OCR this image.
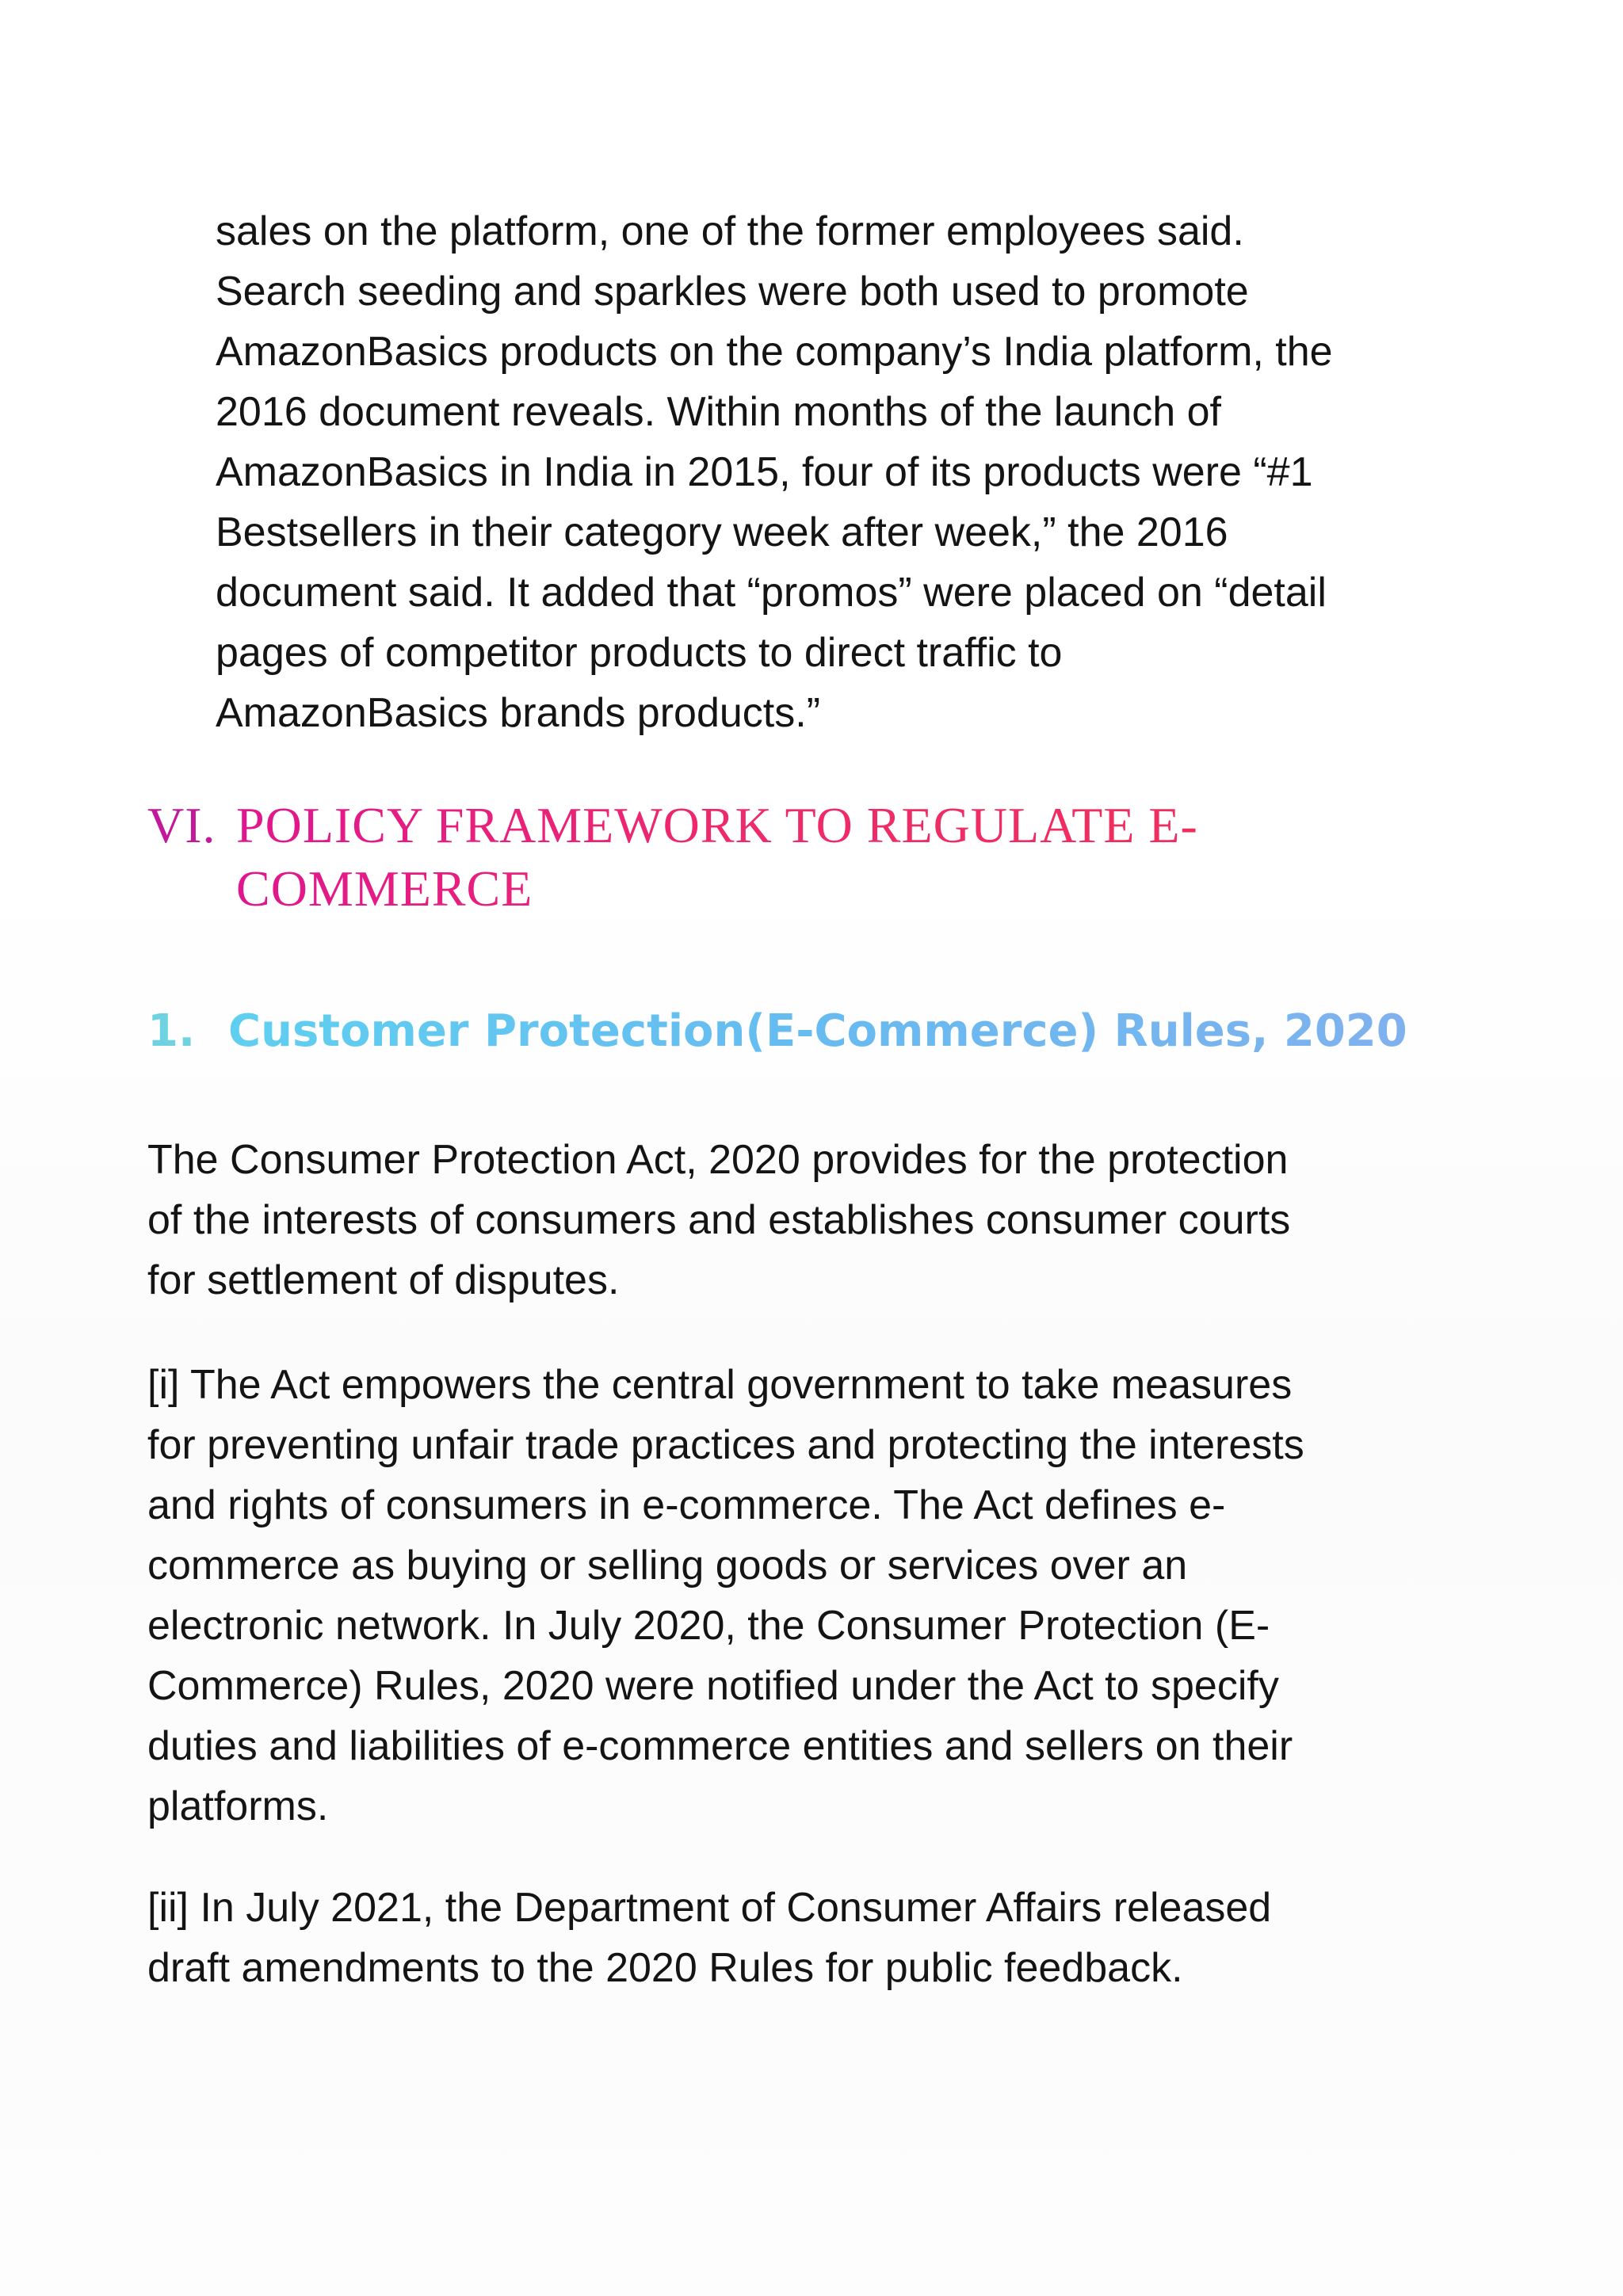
sales on the platform, one of the former employees said.
Search seeding and sparkles were both used to promote
AmazonBasics products on the company’s India platform, the
2016 document reveals. Within months of the launch of
AmazonBasics in India in 2015, four of its products were “#1
Bestsellers in their category week after week,” the 2016
document said. It added that “promos” were placed on “detail
pages of competitor products to direct traffic to
AmazonBasics brands products.”

VI. POLICY FRAMEWORK TO REGULATE E-
COMMERCE
1. Customer Protection(E-Commerce) Rules, 2020

The Consumer Protection Act, 2020 provides for the protection
of the interests of consumers and establishes consumer courts
for settlement of disputes.

[i] The Act empowers the central government to take measures
for preventing unfair trade practices and protecting the interests
and rights of consumers in e-commerce. The Act defines e-
commerce as buying or selling goods or services over an
electronic network. In July 2020, the Consumer Protection (E-
Commerce) Rules, 2020 were notified under the Act to specify
duties and liabilities of e-commerce entities and sellers on their
platforms.

[ii] In July 2021, the Department of Consumer Affairs released
draft amendments to the 2020 Rules for public feedback.
